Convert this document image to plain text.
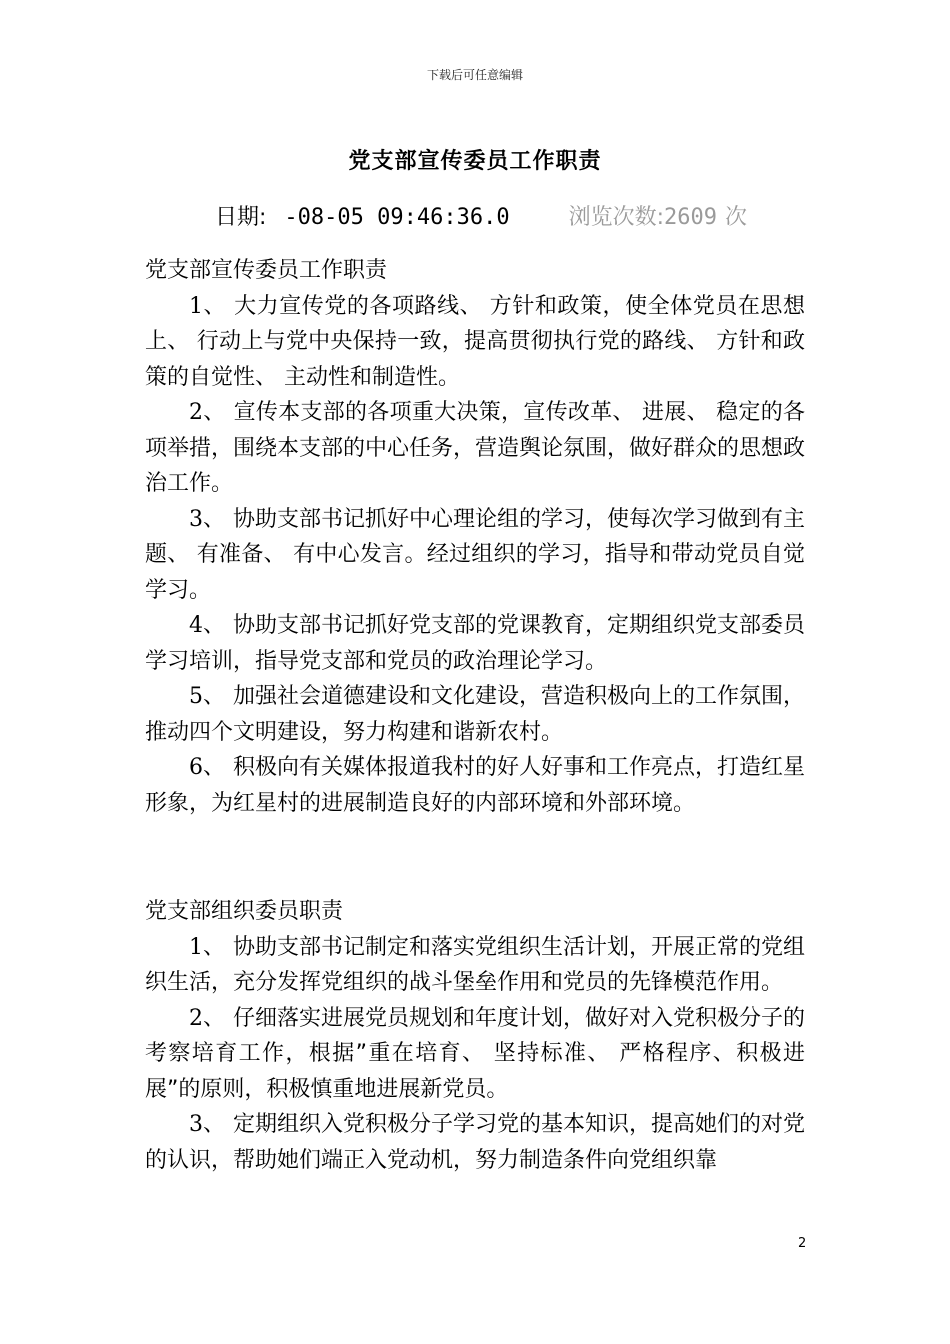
下载后可任意编辑
党支部宣传委员工作职责
日期: -08-05 09:46:36.0	浏览次数:2609 次

党支部宣传委员工作职责

1、 大力宣传党的各项路线、 方针和政策，使全体党员在思想上、 行动上与党中央保持一致，提高贯彻执行党的路线、 方针和政策的自觉性、 主动性和制造性。

2、 宣传本支部的各项重大决策，宣传改革、 进展、 稳定的各项举措，围绕本支部的中心任务，营造舆论氛围，做好群众的思想政治工作。

3、 协助支部书记抓好中心理论组的学习，使每次学习做到有主题、 有准备、 有中心发言。经过组织的学习，指导和带动党员自觉学习。

4、 协助支部书记抓好党支部的党课教育，定期组织党支部委员学习培训，指导党支部和党员的政治理论学习。

5、 加强社会道德建设和文化建设，营造积极向上的工作氛围，推动四个文明建设，努力构建和谐新农村。

6、 积极向有关媒体报道我村的好人好事和工作亮点，打造红星形象，为红星村的进展制造良好的内部环境和外部环境。

党支部组织委员职责

1、 协助支部书记制定和落实党组织生活计划，开展正常的党组织生活，充分发挥党组织的战斗堡垒作用和党员的先锋模范作用。

2、 仔细落实进展党员规划和年度计划，做好对入党积极分子的考察培育工作，根据”重在培育、 坚持标准、 严格程序、积极进展”的原则，积极慎重地进展新党员。

3、 定期组织入党积极分子学习党的基本知识，提高她们的对党的认识，帮助她们端正入党动机，努力制造条件向党组织靠

2
